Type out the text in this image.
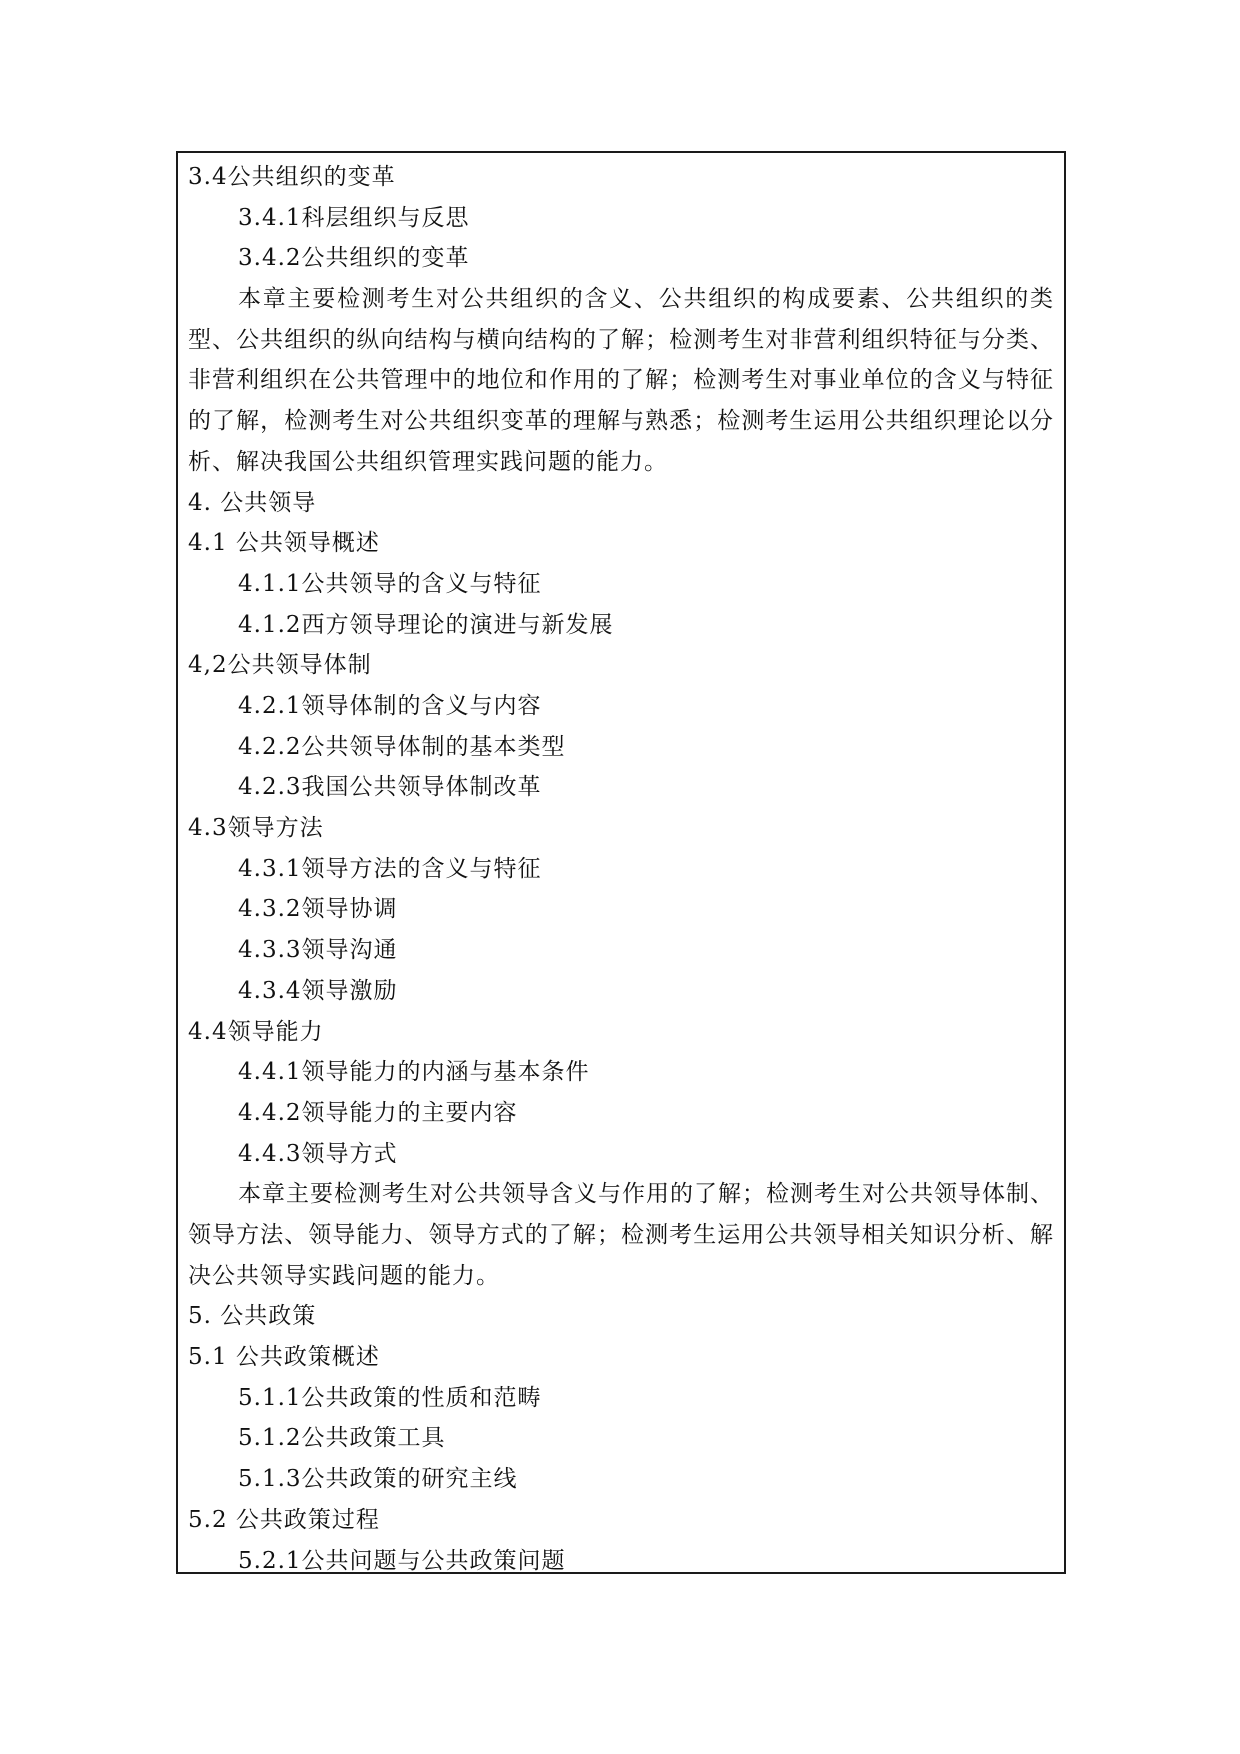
3.4公共组织的变革
3.4.1科层组织与反思
3.4.2公共组织的变革
本章主要检测考生对公共组织的含义、公共组织的构成要素、公共组织的类型、公共组织的纵向结构与横向结构的了解；检测考生对非营利组织特征与分类、非营利组织在公共管理中的地位和作用的了解；检测考生对事业单位的含义与特征的了解，检测考生对公共组织变革的理解与熟悉；检测考生运用公共组织理论以分析、解决我国公共组织管理实践问题的能力。
4. 公共领导
4.1 公共领导概述
4.1.1公共领导的含义与特征
4.1.2西方领导理论的演进与新发展
4,2公共领导体制
4.2.1领导体制的含义与内容
4.2.2公共领导体制的基本类型
4.2.3我国公共领导体制改革
4.3领导方法
4.3.1领导方法的含义与特征
4.3.2领导协调
4.3.3领导沟通
4.3.4领导激励
4.4领导能力
4.4.1领导能力的内涵与基本条件
4.4.2领导能力的主要内容
4.4.3领导方式
本章主要检测考生对公共领导含义与作用的了解；检测考生对公共领导体制、领导方法、领导能力、领导方式的了解；检测考生运用公共领导相关知识分析、解决公共领导实践问题的能力。
5. 公共政策
5.1 公共政策概述
5.1.1公共政策的性质和范畴
5.1.2公共政策工具
5.1.3公共政策的研究主线
5.2 公共政策过程
5.2.1公共问题与公共政策问题
